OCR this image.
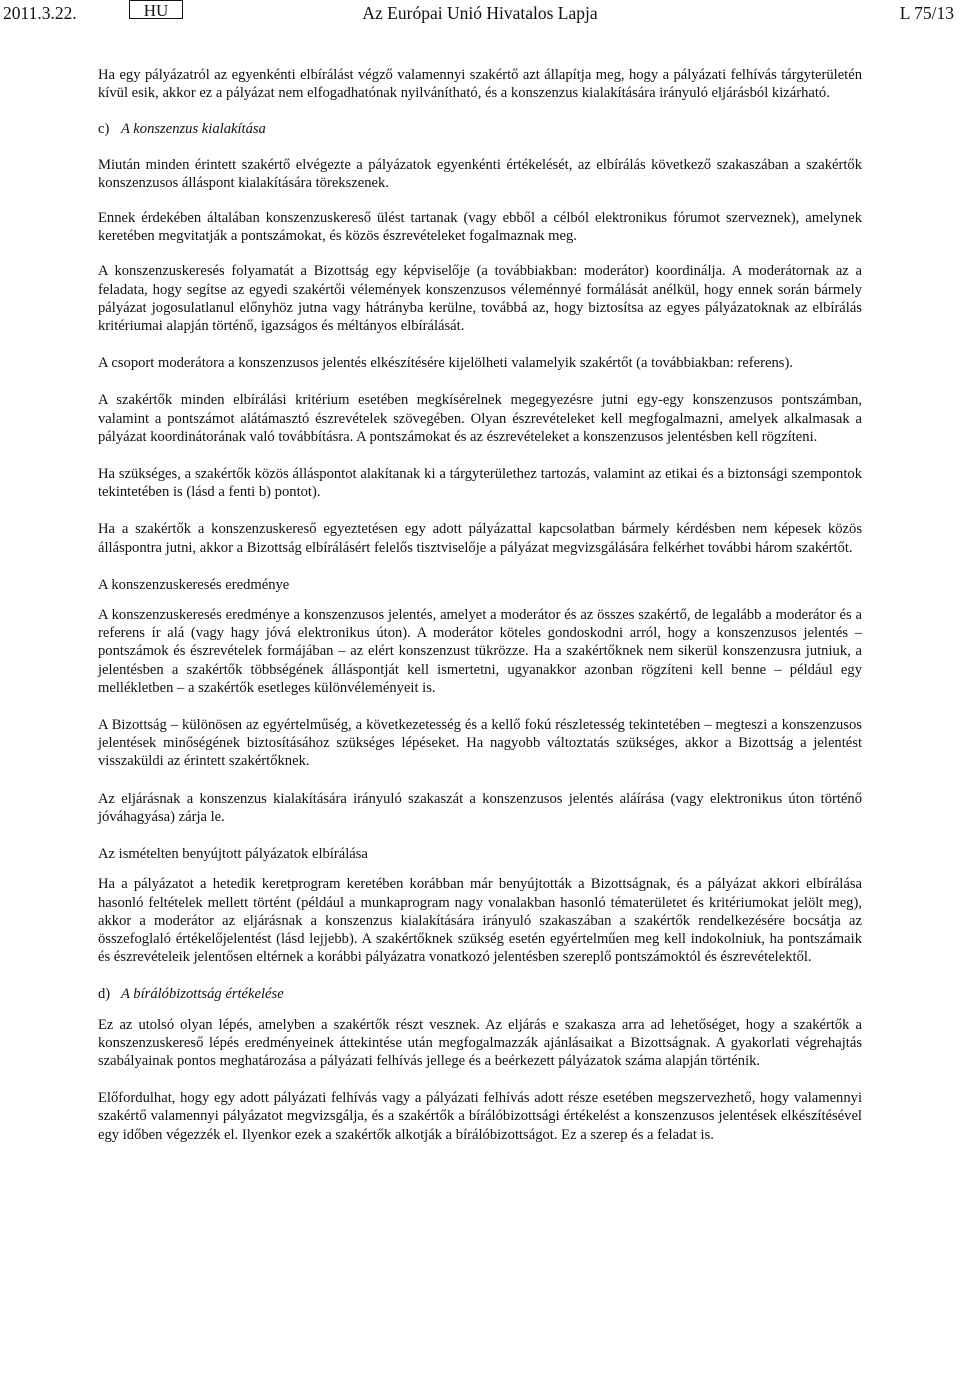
Az Európai Unió Hivatalos Lapja
2011.3.22.	HU	L 75/13

Ha egy pályázatról az egyenkénti elbírálást végző valamennyi szakértő azt állapítja meg, hogy a pályázati felhívás tárgyterületén kívül esik, akkor ez a pályázat nem elfogadhatónak nyilvánítható, és a konszenzus kialakítására irányuló eljárásból kizárható.

c) A konszenzus kialakítása

Miután minden érintett szakértő elvégezte a pályázatok egyenkénti értékelését, az elbírálás következő szakaszában a szakértők konszenzusos álláspont kialakítására törekszenek.

Ennek érdekében általában konszenzuskereső ülést tartanak (vagy ebből a célból elektronikus fórumot szerveznek), amelynek keretében megvitatják a pontszámokat, és közös észrevételeket fogalmaznak meg.

A konszenzuskeresés folyamatát a Bizottság egy képviselője (a továbbiakban: moderátor) koordinálja. A moderátornak az a feladata, hogy segítse az egyedi szakértői vélemények konszenzusos véleménnyé formálását anélkül, hogy ennek során bármely pályázat jogosulatlanul előnyhöz jutna vagy hátrányba kerülne, továbbá az, hogy biztosítsa az egyes pályázatoknak az elbírálás kritériumai alapján történő, igazságos és méltányos elbírálását.

A csoport moderátora a konszenzusos jelentés elkészítésére kijelölheti valamelyik szakértőt (a továbbiakban: referens).

A szakértők minden elbírálási kritérium esetében megkísérelnek megegyezésre jutni egy-egy konszenzusos pontszámban, valamint a pontszámot alátámasztó észrevételek szövegében. Olyan észrevételeket kell megfogalmazni, amelyek alkalmasak a pályázat koordinátorának való továbbításra. A pontszámokat és az észrevételeket a konszenzusos jelentésben kell rögzíteni.

Ha szükséges, a szakértők közös álláspontot alakítanak ki a tárgyterülethez tartozás, valamint az etikai és a biztonsági szempontok tekintetében is (lásd a fenti b) pontot).

Ha a szakértők a konszenzuskereső egyeztetésen egy adott pályázattal kapcsolatban bármely kérdésben nem képesek közös álláspontra jutni, akkor a Bizottság elbírálásért felelős tisztviselője a pályázat megvizsgálására felkérhet további három szakértőt.

A konszenzuskeresés eredménye

A konszenzuskeresés eredménye a konszenzusos jelentés, amelyet a moderátor és az összes szakértő, de legalább a moderátor és a referens ír alá (vagy hagy jóvá elektronikus úton). A moderátor köteles gondoskodni arról, hogy a konszenzusos jelentés – pontszámok és észrevételek formájában – az elért konszenzust tükrözze. Ha a szakértőknek nem sikerül konszenzusra jutniuk, a jelentésben a szakértők többségének álláspontját kell ismertetni, ugyanakkor azonban rögzíteni kell benne – például egy mellékletben – a szakértők esetleges különvéleményeit is.

A Bizottság – különösen az egyértelműség, a következetesség és a kellő fokú részletesség tekintetében – megteszi a konszenzusos jelentések minőségének biztosításához szükséges lépéseket. Ha nagyobb változtatás szükséges, akkor a Bizottság a jelentést visszaküldi az érintett szakértőknek.

Az eljárásnak a konszenzus kialakítására irányuló szakaszát a konszenzusos jelentés aláírása (vagy elektronikus úton történő jóváhagyása) zárja le.

Az ismételten benyújtott pályázatok elbírálása

Ha a pályázatot a hetedik keretprogram keretében korábban már benyújtották a Bizottságnak, és a pályázat akkori elbírálása hasonló feltételek mellett történt (például a munkaprogram nagy vonalakban hasonló tématerületet és kritériumokat jelölt meg), akkor a moderátor az eljárásnak a konszenzus kialakítására irányuló szakaszában a szakértők rendelkezésére bocsátja az összefoglaló értékelőjelentést (lásd lejjebb). A szakértőknek szükség esetén egyértelműen meg kell indokolniuk, ha pontszámaik és észrevételeik jelentősen eltérnek a korábbi pályázatra vonatkozó jelentésben szereplő pontszámoktól és észrevételektől.

d) A bírálóbizottság értékelése

Ez az utolsó olyan lépés, amelyben a szakértők részt vesznek. Az eljárás e szakasza arra ad lehetőséget, hogy a szakértők a konszenzuskereső lépés eredményeinek áttekintése után megfogalmazzák ajánlásaikat a Bizottságnak. A gyakorlati végrehajtás szabályainak pontos meghatározása a pályázati felhívás jellege és a beérkezett pályázatok száma alapján történik.

Előfordulhat, hogy egy adott pályázati felhívás vagy a pályázati felhívás adott része esetében megszervezhető, hogy valamennyi szakértő valamennyi pályázatot megvizsgálja, és a szakértők a bírálóbizottsági értékelést a konszenzusos jelentések elkészítésével egy időben végezzék el. Ilyenkor ezek a szakértők alkotják a bírálóbizottságot. Ez a szerep és a feladat is.
